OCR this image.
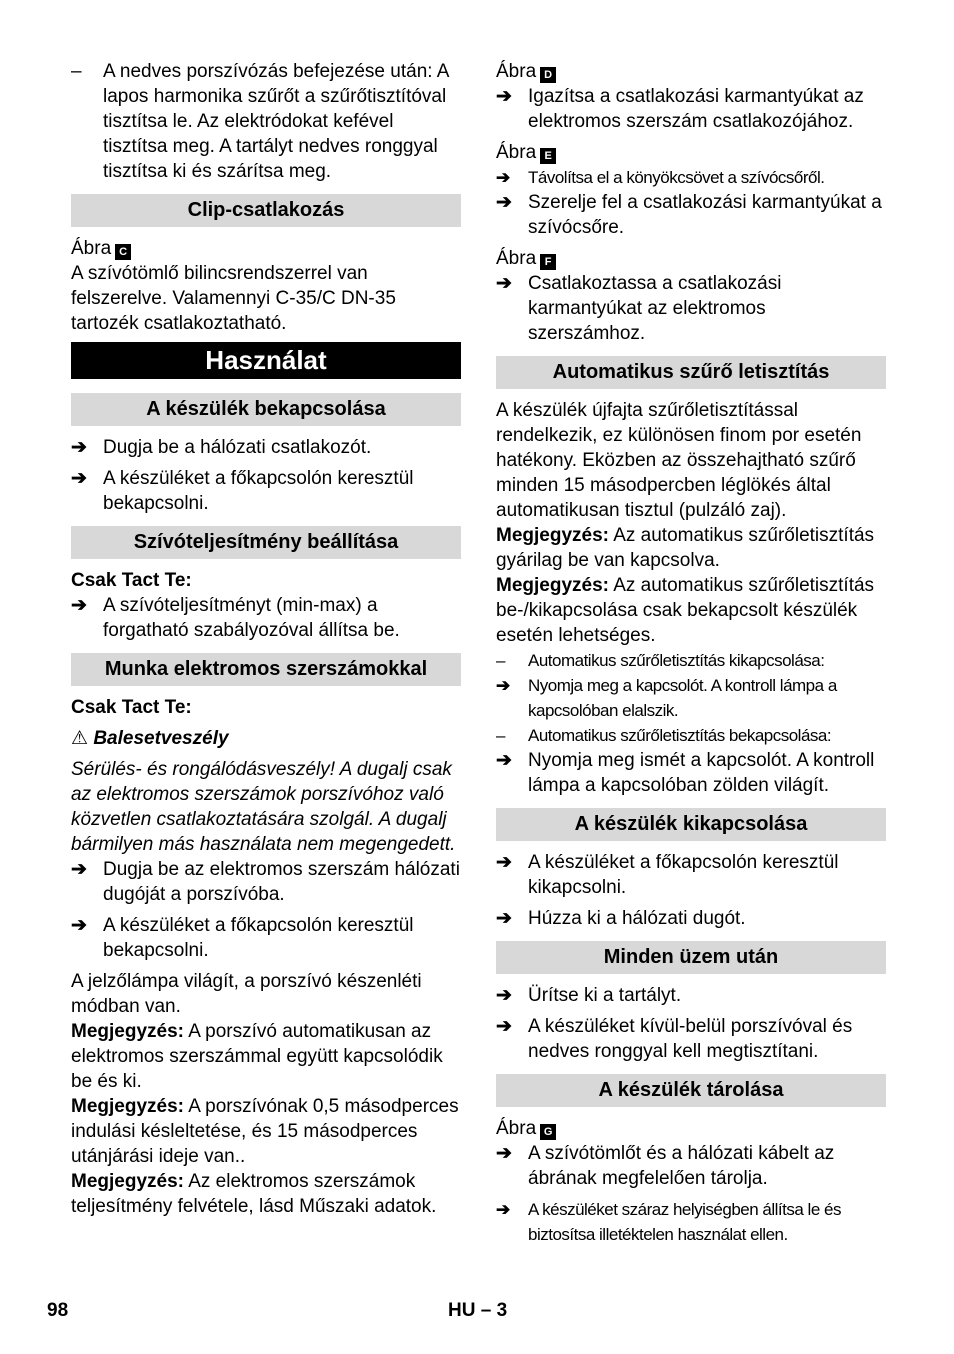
– A nedves porszívózás befejezése után: A lapos harmonika szűrőt a szűrőtisztítóval tisztítsa le. Az elektródokat kefével tisztítsa meg. A tartályt nedves ronggyal tisztítsa ki és szárítsa meg.
Clip-csatlakozás
Ábra C
A szívótömlő bilincsrendszerrel van felszerelve. Valamennyi C-35/C DN-35 tartozék csatlakoztatható.
Használat
A készülék bekapcsolása
➔ Dugja be a hálózati csatlakozót.
➔ A készüléket a főkapcsolón keresztül bekapcsolni.
Szívóteljesítmény beállítása
Csak Tact Te:
➔ A szívóteljesítményt (min-max) a forgatható szabályozóval állítsa be.
Munka elektromos szerszámokkal
Csak Tact Te:
⚠ Balesetveszély
Sérülés- és rongálódásveszély! A dugalj csak az elektromos szerszámok porszívóhoz való közvetlen csatlakoztatására szolgál. A dugalj bármilyen más használata nem megengedett.
➔ Dugja be az elektromos szerszám hálózati dugóját a porszívóba.
➔ A készüléket a főkapcsolón keresztül bekapcsolni.
A jelzőlámpa világít, a porszívó készenléti módban van.
Megjegyzés: A porszívó automatikusan az elektromos szerszámmal együtt kapcsolódik be és ki.
Megjegyzés: A porszívónak 0,5 másodperces indulási késleltetése, és 15 másodperces utánjárási ideje van..
Megjegyzés: Az elektromos szerszámok teljesítmény felvétele, lásd Műszaki adatok.
Ábra D
➔ Igazítsa a csatlakozási karmantyúkat az elektromos szerszám csatlakozójához.
Ábra E
➔ Távolítsa el a könyökcsövet a szívócsőről.
➔ Szerelje fel a csatlakozási karmantyúkat a szívócsőre.
Ábra F
➔ Csatlakoztassa a csatlakozási karmantyúkat az elektromos szerszámhoz.
Automatikus szűrő letisztítás
A készülék újfajta szűrőletisztítással rendelkezik, ez különösen finom por esetén hatékony. Eközben az összehajtható szűrő minden 15 másodpercben léglökés által automatikusan tisztul (pulzáló zaj).
Megjegyzés: Az automatikus szűrőletisztítás gyárilag be van kapcsolva.
Megjegyzés: Az automatikus szűrőletisztítás be-/kikapcsolása csak bekapcsolt készülék esetén lehetséges.
– Automatikus szűrőletisztítás kikapcsolása:
➔ Nyomja meg a kapcsolót. A kontroll lámpa a kapcsolóban elalszik.
– Automatikus szűrőletisztítás bekapcsolása:
➔ Nyomja meg ismét a kapcsolót. A kontroll lámpa a kapcsolóban zölden világít.
A készülék kikapcsolása
➔ A készüléket a főkapcsolón keresztül kikapcsolni.
➔ Húzza ki a hálózati dugót.
Minden üzem után
➔ Ürítse ki a tartályt.
➔ A készüléket kívül-belül porszívóval és nedves ronggyal kell megtisztítani.
A készülék tárolása
Ábra G
➔ A szívótömlőt és a hálózati kábelt az ábrának megfelelően tárolja.
➔ A készüléket száraz helyiségben állítsa le és biztosítsa illetéktelen használat ellen.
98	HU – 3
